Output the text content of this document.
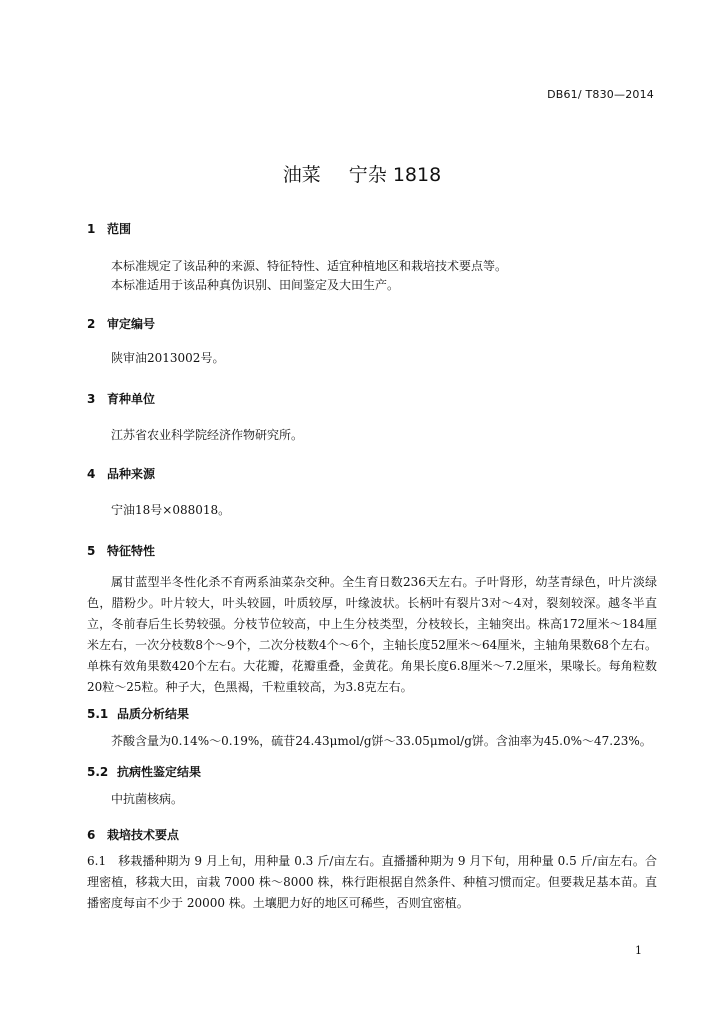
DB61/ T830—2014
油菜 宁杂 1818
1 范围
本标准规定了该品种的来源、特征特性、适宜种植地区和栽培技术要点等。
本标准适用于该品种真伪识别、田间鉴定及大田生产。
2 审定编号
陕审油2013002号。
3 育种单位
江苏省农业科学院经济作物研究所。
4 品种来源
宁油18号×088018。
5 特征特性
属甘蓝型半冬性化杀不育两系油菜杂交种。全生育日数236天左右。子叶肾形，幼茎青绿色，叶片淡绿色，腊粉少。叶片较大，叶头较圆，叶质较厚，叶缘波状。长柄叶有裂片3对～4对，裂刻较深。越冬半直立，冬前春后生长势较强。分枝节位较高，中上生分枝类型，分枝较长，主轴突出。株高172厘米～184厘米左右，一次分枝数8个～9个，二次分枝数4个～6个，主轴长度52厘米～64厘米，主轴角果数68个左右。单株有效角果数420个左右。大花瓣，花瓣重叠，金黄花。角果长度6.8厘米～7.2厘米，果喙长。每角粒数20粒～25粒。种子大，色黑褐，千粒重较高，为3.8克左右。
5.1 品质分析结果
芥酸含量为0.14%～0.19%，硫苷24.43μmol/g饼～33.05μmol/g饼。含油率为45.0%～47.23%。
5.2 抗病性鉴定结果
中抗菌核病。
6 栽培技术要点
6.1　移栽播种期为 9 月上旬，用种量 0.3 斤/亩左右。直播播种期为 9 月下旬，用种量 0.5 斤/亩左右。合理密植，移栽大田，亩栽 7000 株～8000 株，株行距根据自然条件、种植习惯而定。但要栽足基本苗。直播密度每亩不少于 20000 株。土壤肥力好的地区可稀些，否则宜密植。
1
